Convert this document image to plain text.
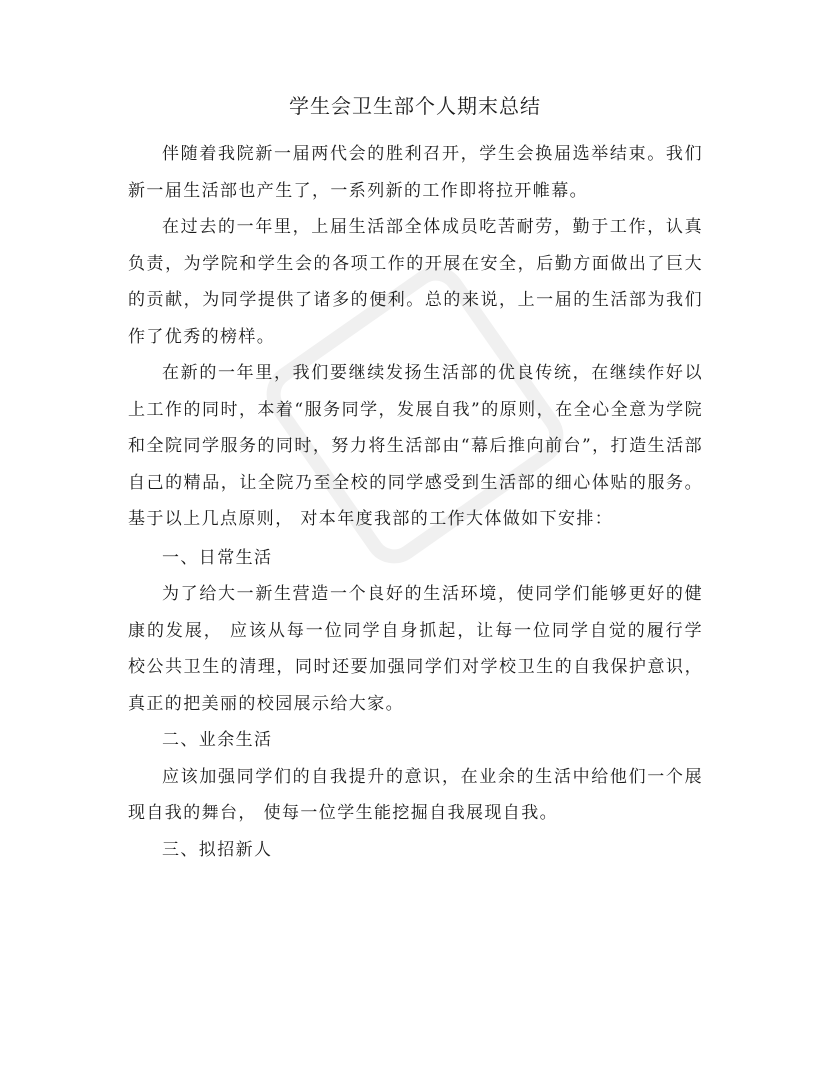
学生会卫生部个人期末总结

伴随着我院新一届两代会的胜利召开，学生会换届选举结束。我们新一届生活部也产生了，一系列新的工作即将拉开帷幕。

在过去的一年里，上届生活部全体成员吃苦耐劳，勤于工作，认真负责，为学院和学生会的各项工作的开展在安全，后勤方面做出了巨大的贡献，为同学提供了诸多的便利。总的来说，上一届的生活部为我们作了优秀的榜样。

在新的一年里，我们要继续发扬生活部的优良传统，在继续作好以上工作的同时，本着“服务同学，发展自我”的原则，在全心全意为学院和全院同学服务的同时，努力将生活部由“幕后推向前台”，打造生活部自己的精品，让全院乃至全校的同学感受到生活部的细心体贴的服务。 基于以上几点原则， 对本年度我部的工作大体做如下安排：

一、日常生活

为了给大一新生营造一个良好的生活环境，使同学们能够更好的健康的发展， 应该从每一位同学自身抓起，让每一位同学自觉的履行学校公共卫生的清理，同时还要加强同学们对学校卫生的自我保护意识，真正的把美丽的校园展示给大家。

二、业余生活

应该加强同学们的自我提升的意识，在业余的生活中给他们一个展现自我的舞台， 使每一位学生能挖掘自我展现自我。

三、拟招新人
